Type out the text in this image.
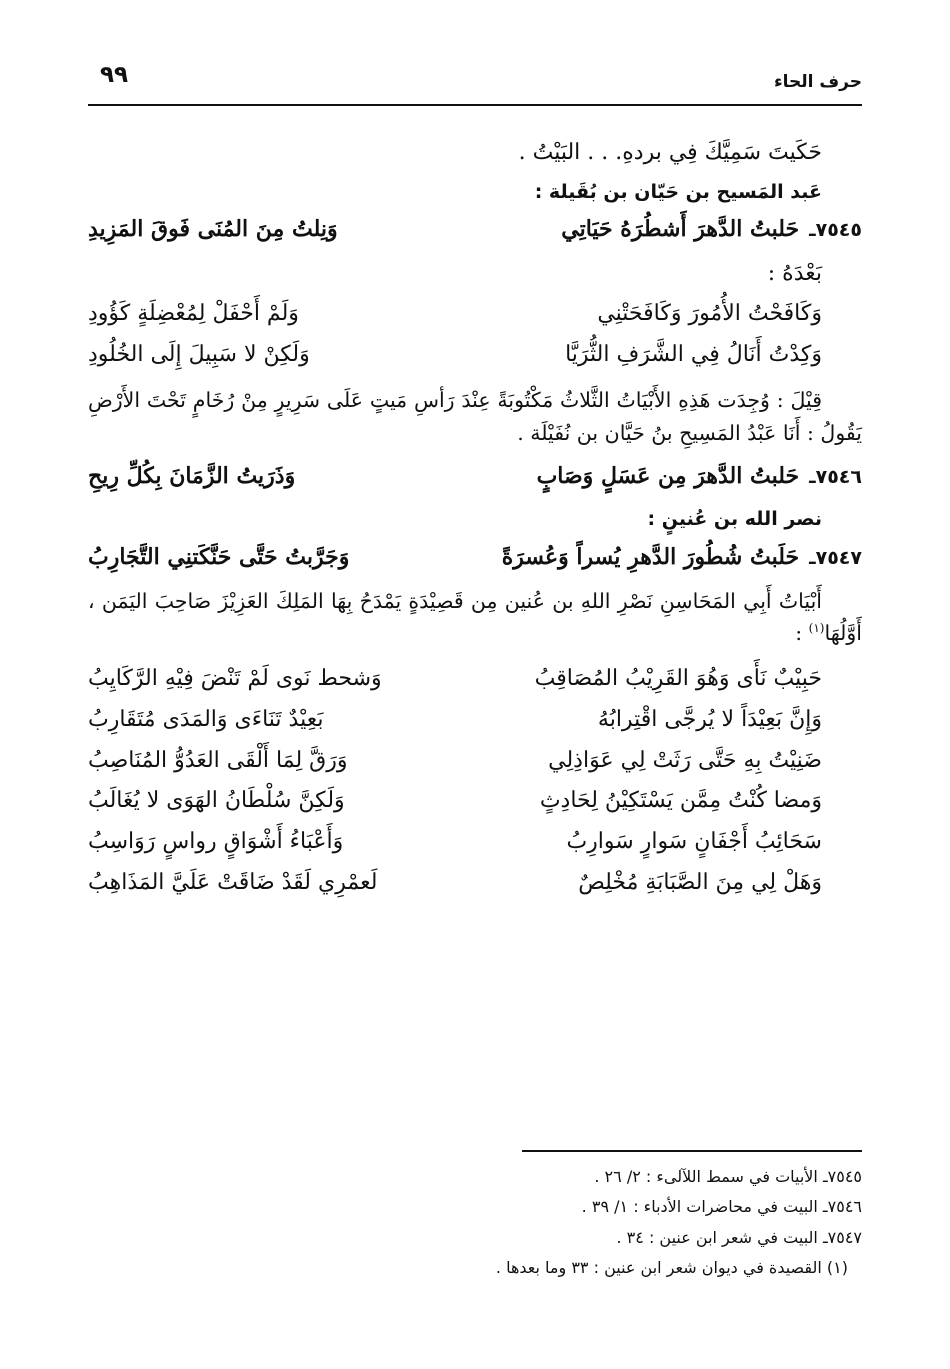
حرف الحاء
٩٩

حَكَيتَ سَمِيَّكَ فِي بردهِ. . . البَيْتُ .

عَبد المَسيح بن حَيّان بن بُقَيلة :

٧٥٤٥ـ
حَلبتُ الدَّهرَ أَشطُرَهُ حَيَاتِي
وَنِلتُ مِنَ المُنَى فَوقَ المَزِيدِ

بَعْدَهُ :

وَكَافَحْتُ الأُمُورَ وَكَافَحَتْنِي
وَلَمْ أَحْفَلْ لِمُعْضِلَةٍ كَؤُودِ
وَكِدْتُ أَنَالُ فِي الشَّرَفِ الثُّرَيَّا
وَلَكِنْ لا سَبِيلَ إِلَى الخُلُودِ

قِيْلَ : وُجِدَت هَذِهِ الأَبْيَاتُ الثَّلاثُ مَكْتُوبَةً عِنْدَ رَأسِ مَيتٍ عَلَى سَرِيرٍ مِنْ رُخَامٍ تَحْتَ الأَرْضِ يَقُولُ : أَنَا عَبْدُ المَسِيحِ بنُ حَيَّان بن نُفَيْلَة .

٧٥٤٦ـ
حَلبتُ الدَّهرَ مِن عَسَلٍ وَصَابٍ
وَذَرَيتُ الزَّمَانَ بِكُلِّ رِيحِ

نصر الله بن عُنينٍ :

٧٥٤٧ـ
حَلَبتُ شُطُورَ الدَّهرِ يُسراً وَعُسرَةً
وَجَرَّبتُ حَتَّى حَنَّكَتنِي التَّجَارِبُ

أَبْيَاتُ أَبِي المَحَاسِنِ نَصْرِ اللهِ بن عُنين مِن قَصِيْدَةٍ يَمْدَحُ بِهَا المَلِكَ العَزِيْزَ صَاحِبَ اليَمَن ، أَوَّلُهَا$^{(١)}$ :

حَبِيْبٌ نَأَى وَهُوَ القَرِيْبُ المُصَاقِبُ
وَشحط نَوى لَمْ تَنْضَ فِيْهِ الرَّكَايِبُ
وَإِنَّ بَعِيْدَاً لا يُرجَّى اقْتِرابُهُ
بَعِيْدٌ تَنَاءَى وَالمَدَى مُتَقَارِبُ
ضَنِيْتُ بِهِ حَتَّى رَثَتْ لِي عَوَاذِلِي
وَرَقَّ لِمَا أَلْقَى العَدُوُّ المُنَاصِبُ
وَمضا كُنْتُ مِمَّن يَسْتَكِيْنُ لِحَادِثٍ
وَلَكِنَّ سُلْطَانُ الهَوَى لا يُغَالَبُ
سَحَائِبُ أَجْفَانٍ سَوارٍ سَوارِبُ
وَأَعْبَاءُ أَشْوَاقٍ رواسٍ رَوَاسِبُ
وَهَلْ لِي مِنَ الصَّبَابَةِ مُخْلِصٌ
لَعمْرِي لَقَدْ ضَاقَتْ عَلَيَّ المَذَاهِبُ

٧٥٤٥ـ الأبيات في سمط اللآلىء : ٢/ ٢٦ .

٧٥٤٦ـ البيت في محاضرات الأدباء : ١/ ٣٩ .

٧٥٤٧ـ البيت في شعر ابن عنين : ٣٤ .

(١) القصيدة في ديوان شعر ابن عنين : ٣٣ وما بعدها .
